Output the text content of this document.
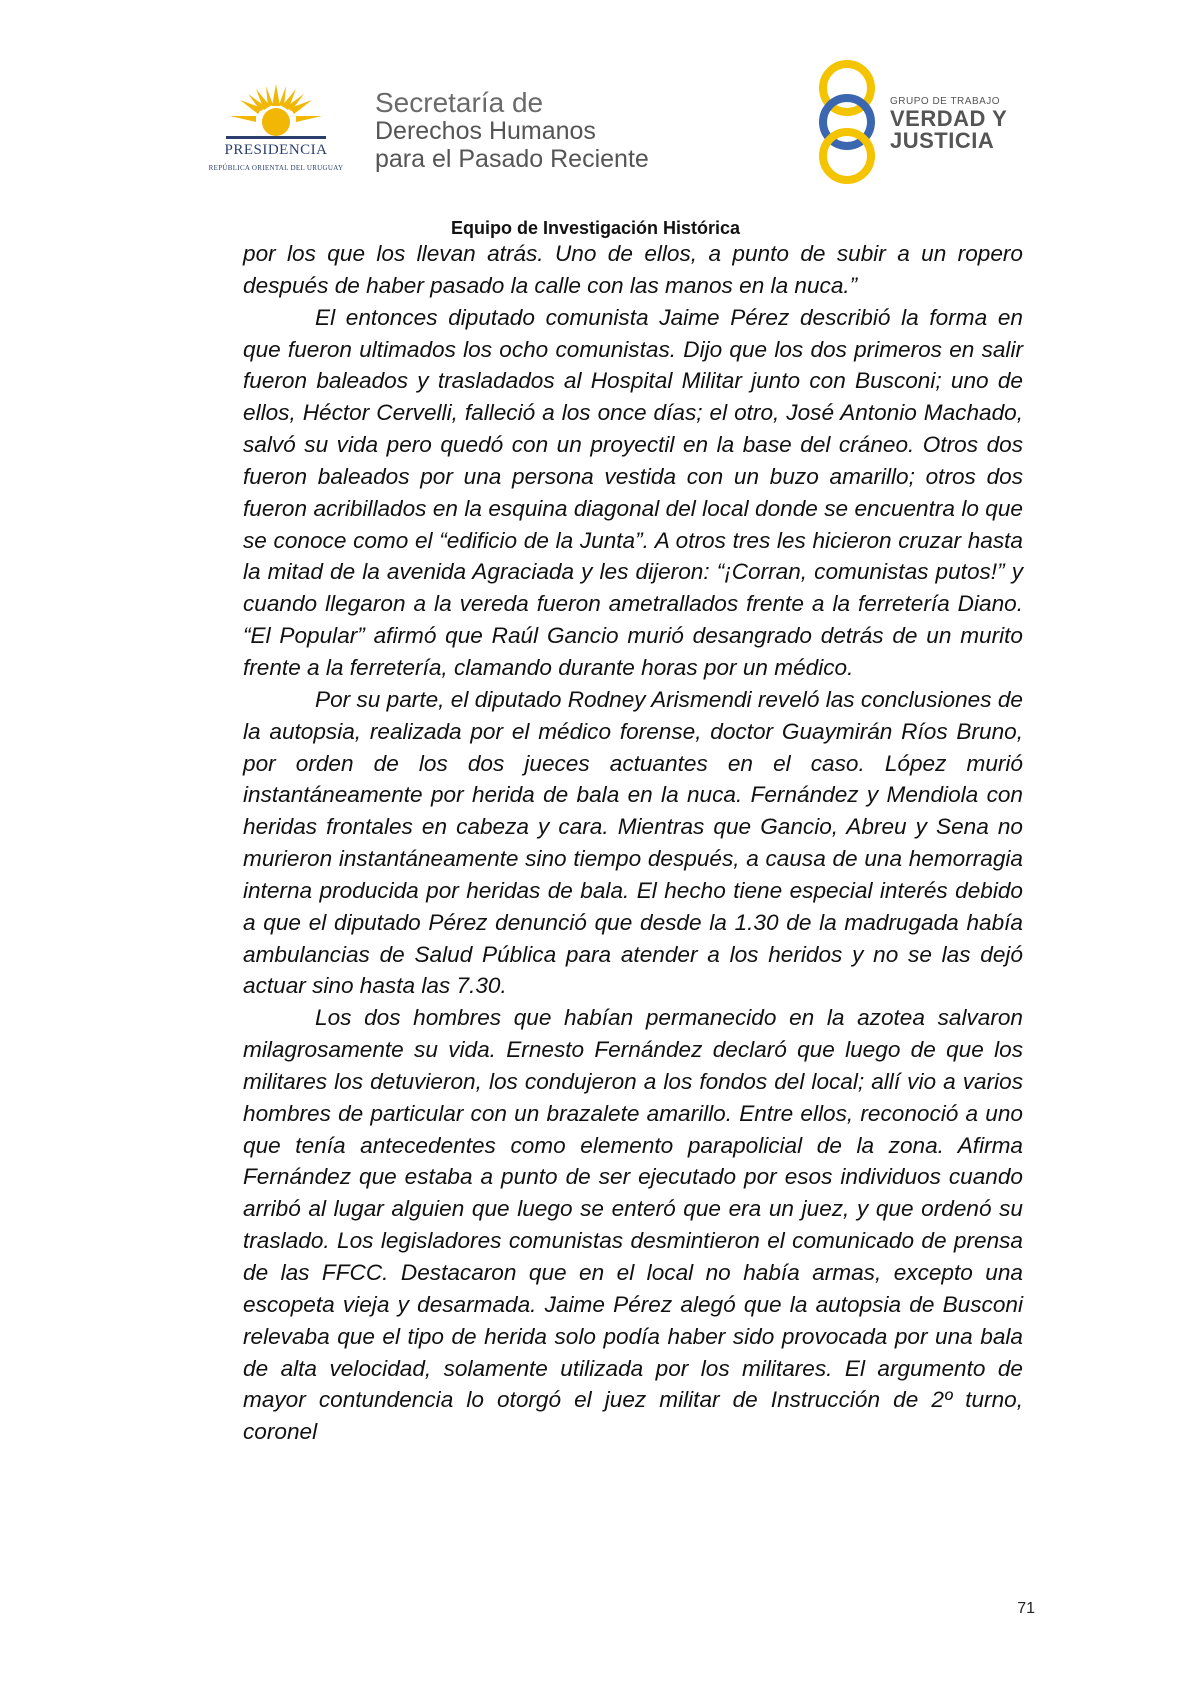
PRESIDENCIA
REPÚBLICA ORIENTAL DEL URUGUAY
Secretaría de
Derechos Humanos
para el Pasado Reciente
GRUPO DE TRABAJO
VERDAD Y
JUSTICIA
Equipo de Investigación Histórica

por los que los llevan atrás. Uno de ellos, a punto de subir a un ropero después de haber pasado la calle con las manos en la nuca.”

El entonces diputado comunista Jaime Pérez describió la forma en que fueron ultimados los ocho comunistas. Dijo que los dos primeros en salir fueron baleados y trasladados al Hospital Militar junto con Busconi; uno de ellos, Héctor Cervelli, falleció a los once días; el otro, José Antonio Machado, salvó su vida pero quedó con un proyectil en la base del cráneo. Otros dos fueron baleados por una persona vestida con un buzo amarillo; otros dos fueron acribillados en la esquina diagonal del local donde se encuentra lo que se conoce como el “edificio de la Junta”. A otros tres les hicieron cruzar hasta la mitad de la avenida Agraciada y les dijeron: “¡Corran, comunistas putos!” y cuando llegaron a la vereda fueron ametrallados frente a la ferretería Diano. “El Popular” afirmó que Raúl Gancio murió desangrado detrás de un murito frente a la ferretería, clamando durante horas por un médico.

Por su parte, el diputado Rodney Arismendi reveló las conclusiones de la autopsia, realizada por el médico forense, doctor Guaymirán Ríos Bruno, por orden de los dos jueces actuantes en el caso. López murió instantáneamente por herida de bala en la nuca. Fernández y Mendiola con heridas frontales en cabeza y cara. Mientras que Gancio, Abreu y Sena no murieron instantáneamente sino tiempo después, a causa de una hemorragia interna producida por heridas de bala. El hecho tiene especial interés debido a que el diputado Pérez denunció que desde la 1.30 de la madrugada había ambulancias de Salud Pública para atender a los heridos y no se las dejó actuar sino hasta las 7.30.

Los dos hombres que habían permanecido en la azotea salvaron milagrosamente su vida. Ernesto Fernández declaró que luego de que los militares los detuvieron, los condujeron a los fondos del local; allí vio a varios hombres de particular con un brazalete amarillo. Entre ellos, reconoció a uno que tenía antecedentes como elemento parapolicial de la zona. Afirma Fernández que estaba a punto de ser ejecutado por esos individuos cuando arribó al lugar alguien que luego se enteró que era un juez, y que ordenó su traslado. Los legisladores comunistas desmintieron el comunicado de prensa de las FFCC. Destacaron que en el local no había armas, excepto una escopeta vieja y desarmada. Jaime Pérez alegó que la autopsia de Busconi relevaba que el tipo de herida solo podía haber sido provocada por una bala de alta velocidad, solamente utilizada por los militares. El argumento de mayor contundencia lo otorgó el juez militar de Instrucción de 2º turno, coronel

71
